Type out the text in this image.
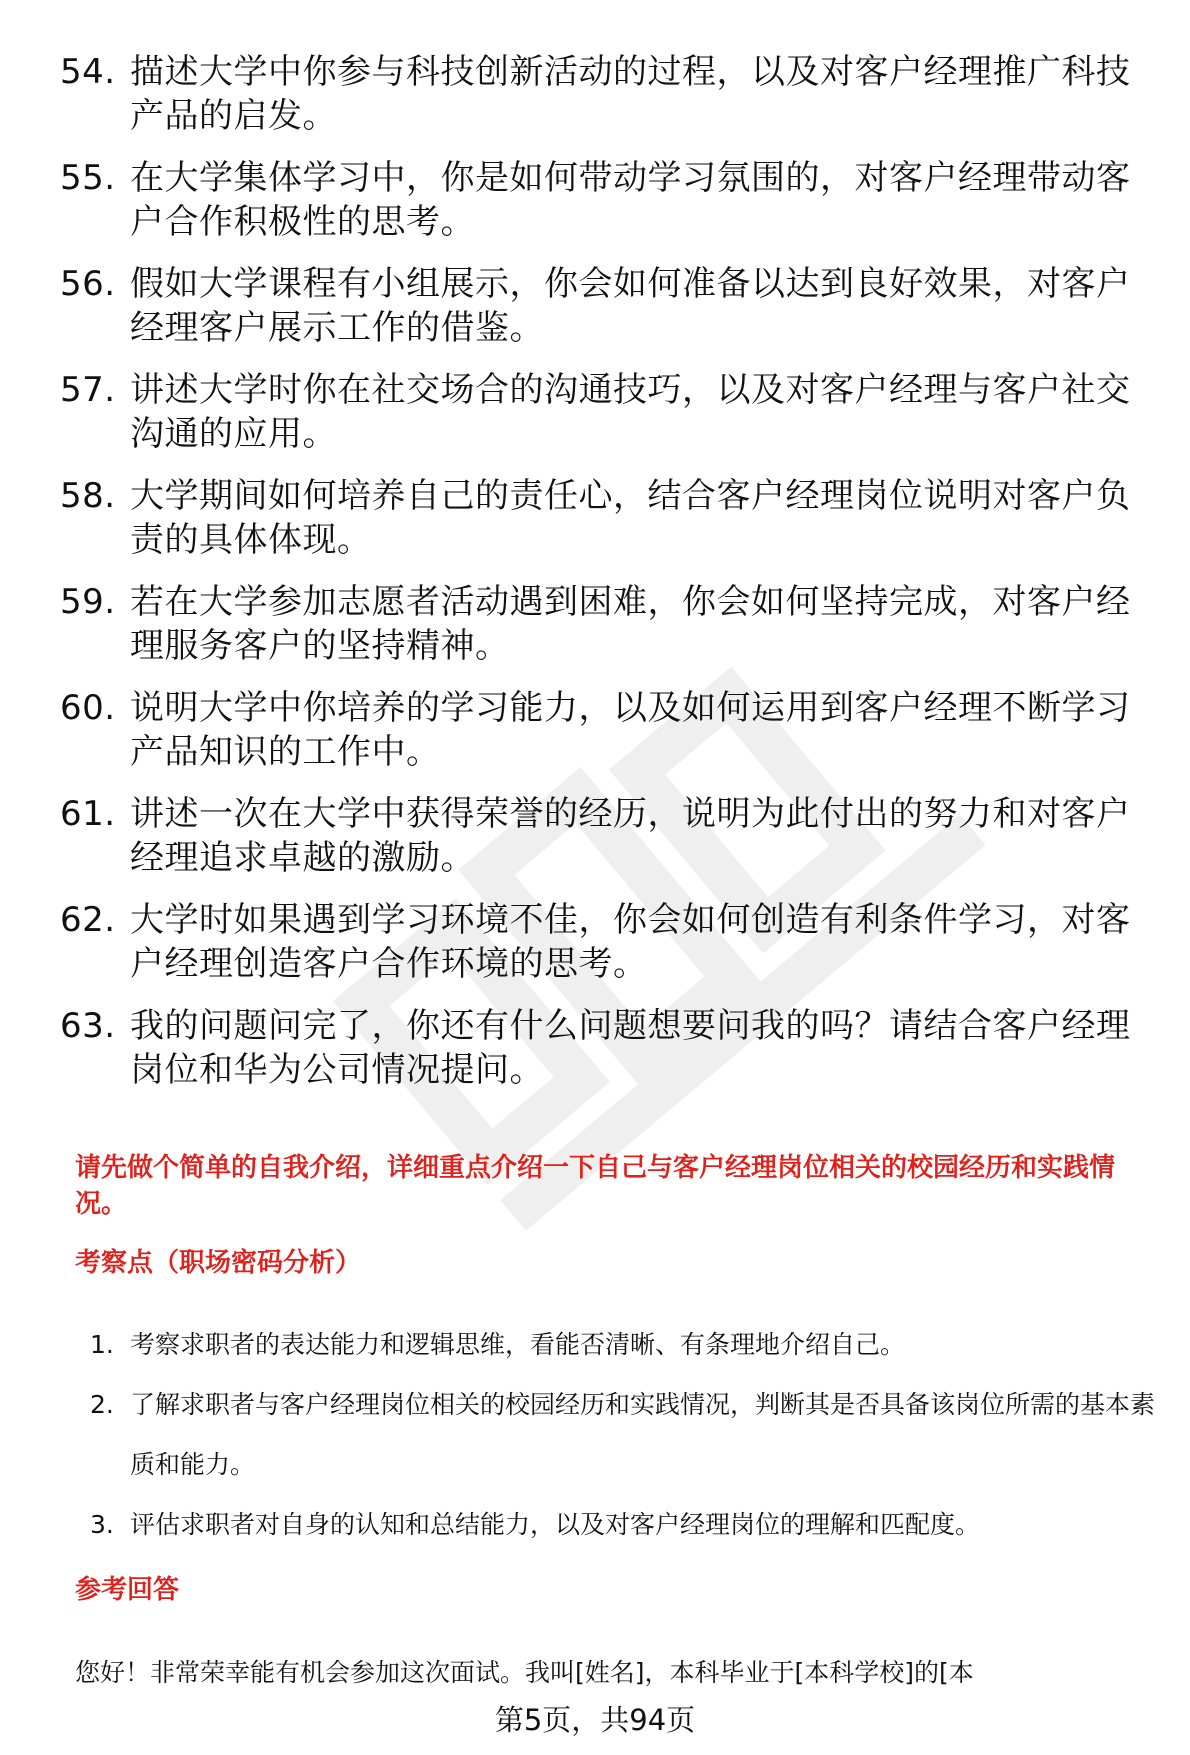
54. 描述大学中你参与科技创新活动的过程，以及对客户经理推广科技产品的启发。
55. 在大学集体学习中，你是如何带动学习氛围的，对客户经理带动客户合作积极性的思考。
56. 假如大学课程有小组展示，你会如何准备以达到良好效果，对客户经理客户展示工作的借鉴。
57. 讲述大学时你在社交场合的沟通技巧，以及对客户经理与客户社交沟通的应用。
58. 大学期间如何培养自己的责任心，结合客户经理岗位说明对客户负责的具体体现。
59. 若在大学参加志愿者活动遇到困难，你会如何坚持完成，对客户经理服务客户的坚持精神。
60. 说明大学中你培养的学习能力，以及如何运用到客户经理不断学习产品知识的工作中。
61. 讲述一次在大学中获得荣誉的经历，说明为此付出的努力和对客户经理追求卓越的激励。
62. 大学时如果遇到学习环境不佳，你会如何创造有利条件学习，对客户经理创造客户合作环境的思考。
63. 我的问题问完了，你还有什么问题想要问我的吗？请结合客户经理岗位和华为公司情况提问。
请先做个简单的自我介绍，详细重点介绍一下自己与客户经理岗位相关的校园经历和实践情况。
考察点（职场密码分析）
1. 考察求职者的表达能力和逻辑思维，看能否清晰、有条理地介绍自己。
2. 了解求职者与客户经理岗位相关的校园经历和实践情况，判断其是否具备该岗位所需的基本素质和能力。
3. 评估求职者对自身的认知和总结能力，以及对客户经理岗位的理解和匹配度。
参考回答
您好！非常荣幸能有机会参加这次面试。我叫[姓名]，本科毕业于[本科学校]的[本
第5页，共94页
